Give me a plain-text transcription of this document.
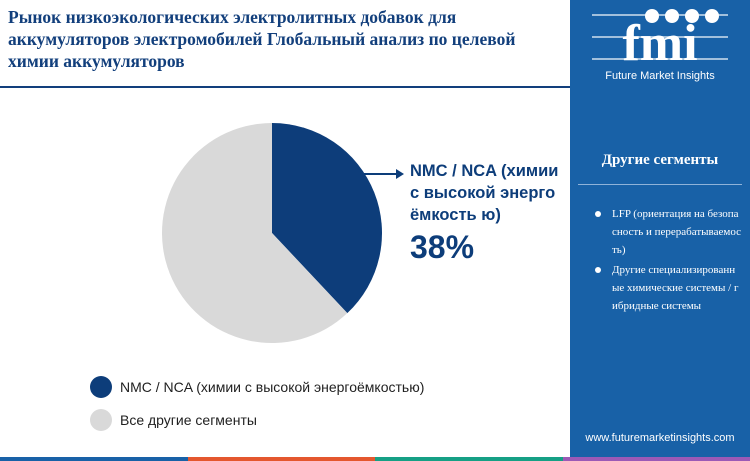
Рынок низкоэкологических электролитных добавок для аккумуляторов электромобилей Глобальный анализ по целевой химии аккумуляторов
NMC / NCA (химии с высокой энергоёмкость ю)
38%
NMC / NCA (химии с высокой энергоёмкостью)
Все другие сегменты
fmi
Future Market Insights
Другие сегменты
LFP (ориентация на безопасность и перерабатываемость)
Другие специализированные химические системы / гибридные системы
www.futuremarketinsights.com
